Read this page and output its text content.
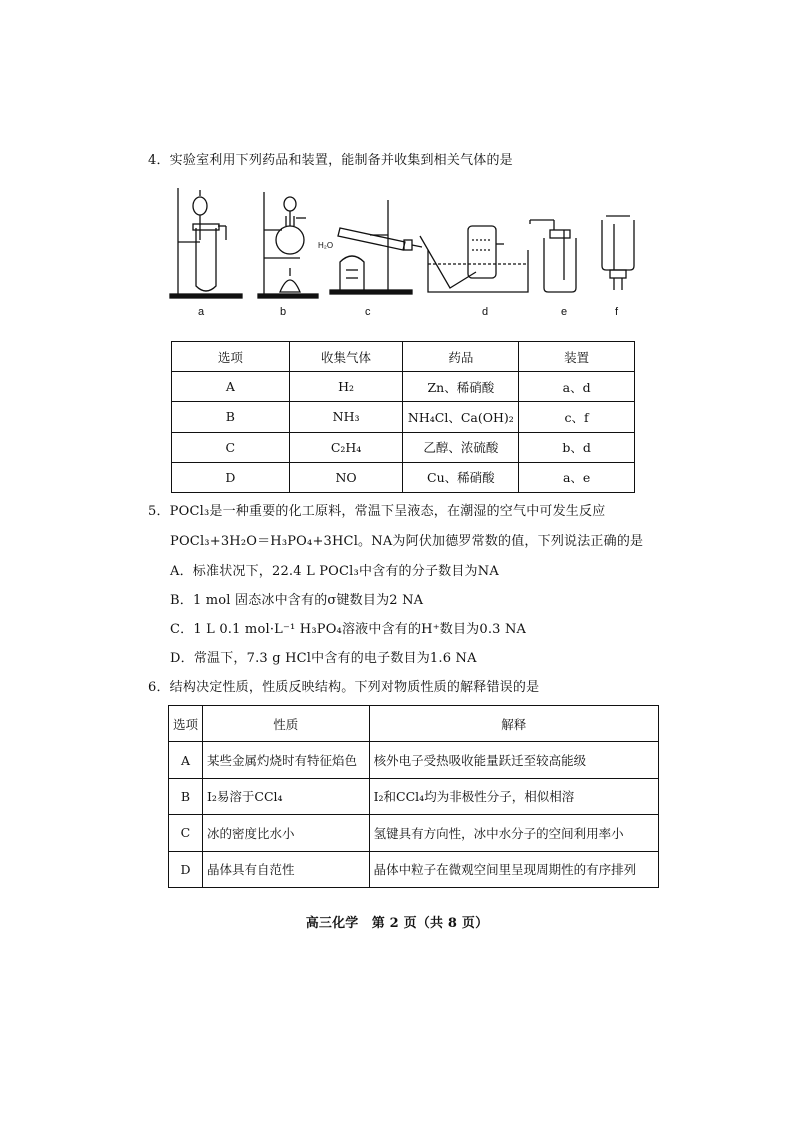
4．实验室利用下列药品和装置，能制备并收集到相关气体的是
H₂O
a	b	c	d	e	f
选项	收集气体	药品	装置
A	H₂	Zn、稀硝酸	a、d
B	NH₃	NH₄Cl、Ca(OH)₂	c、f
C	C₂H₄	乙醇、浓硫酸	b、d
D	NO	Cu、稀硝酸	a、e
5．POCl₃是一种重要的化工原料，常温下呈液态，在潮湿的空气中可发生反应
POCl₃+3H₂O＝H₃PO₄+3HCl。NA为阿伏加德罗常数的值，下列说法正确的是
A．标准状况下，22.4 L POCl₃中含有的分子数目为NA
B．1 mol 固态冰中含有的σ键数目为2 NA
C．1 L 0.1 mol·L⁻¹ H₃PO₄溶液中含有的H⁺数目为0.3 NA
D．常温下，7.3 g HCl中含有的电子数目为1.6 NA
6．结构决定性质，性质反映结构。下列对物质性质的解释错误的是
选项	性质	解释
A	某些金属灼烧时有特征焰色	核外电子受热吸收能量跃迁至较高能级
B	I₂易溶于CCl₄	I₂和CCl₄均为非极性分子，相似相溶
C	冰的密度比水小	氢键具有方向性，冰中水分子的空间利用率小
D	晶体具有自范性	晶体中粒子在微观空间里呈现周期性的有序排列
高三化学　第 2 页（共 8 页）
